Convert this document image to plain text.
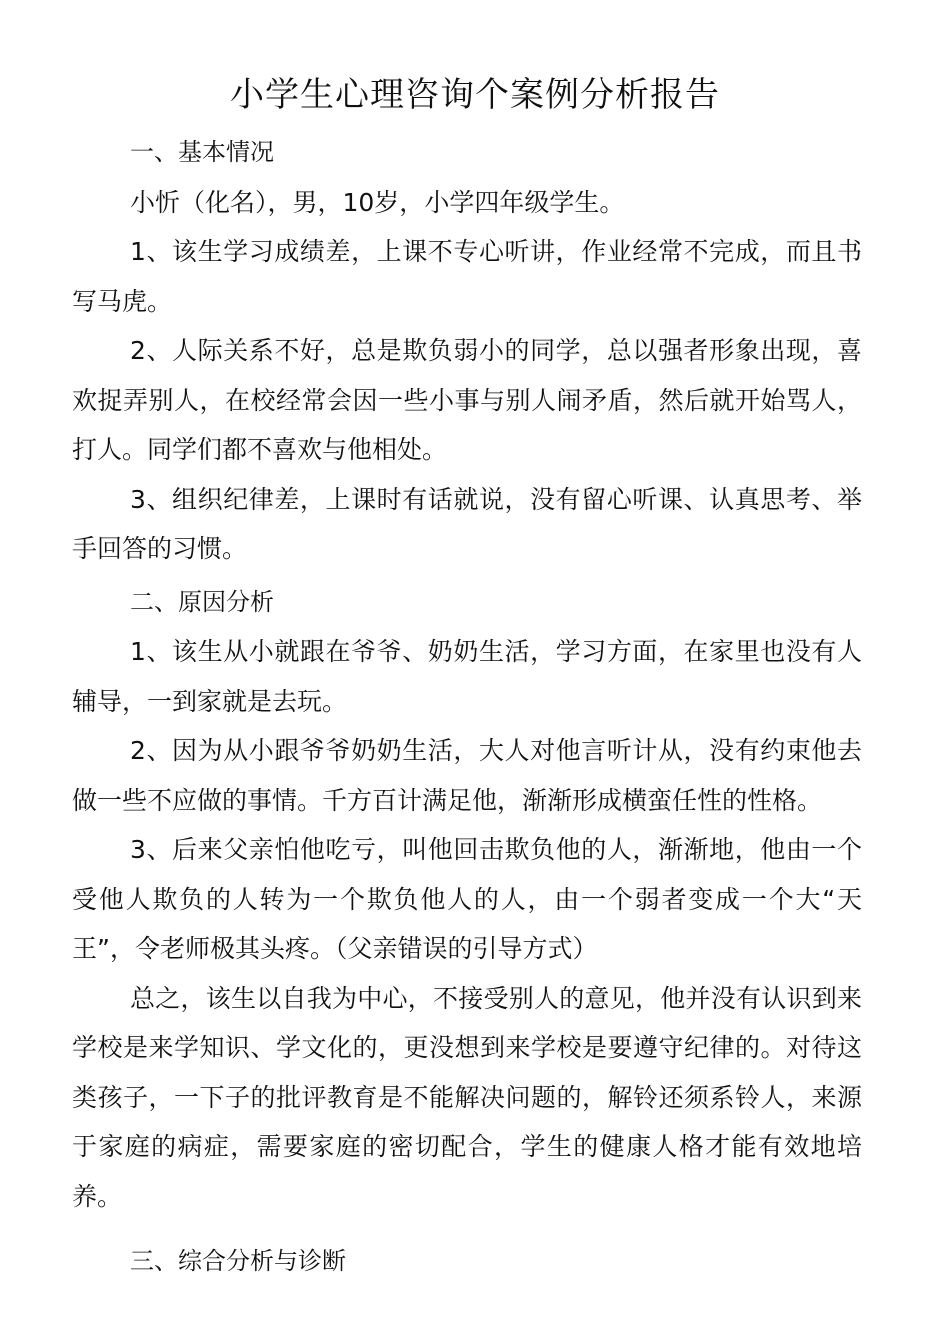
小学生心理咨询个案例分析报告

一、基本情况

小忻（化名），男，10岁，小学四年级学生。

1、该生学习成绩差，上课不专心听讲，作业经常不完成，而且书写马虎。

2、人际关系不好，总是欺负弱小的同学，总以强者形象出现，喜欢捉弄别人，在校经常会因一些小事与别人闹矛盾，然后就开始骂人，打人。同学们都不喜欢与他相处。

3、组织纪律差，上课时有话就说，没有留心听课、认真思考、举手回答的习惯。

二、原因分析

1、该生从小就跟在爷爷、奶奶生活，学习方面，在家里也没有人辅导，一到家就是去玩。

2、因为从小跟爷爷奶奶生活，大人对他言听计从，没有约束他去做一些不应做的事情。千方百计满足他，渐渐形成横蛮任性的性格。

3、后来父亲怕他吃亏，叫他回击欺负他的人，渐渐地，他由一个受他人欺负的人转为一个欺负他人的人，由一个弱者变成一个大“天王”，令老师极其头疼。（父亲错误的引导方式）

总之，该生以自我为中心，不接受别人的意见，他并没有认识到来学校是来学知识、学文化的，更没想到来学校是要遵守纪律的。对待这类孩子，一下子的批评教育是不能解决问题的，解铃还须系铃人，来源于家庭的病症，需要家庭的密切配合，学生的健康人格才能有效地培养。

三、综合分析与诊断
